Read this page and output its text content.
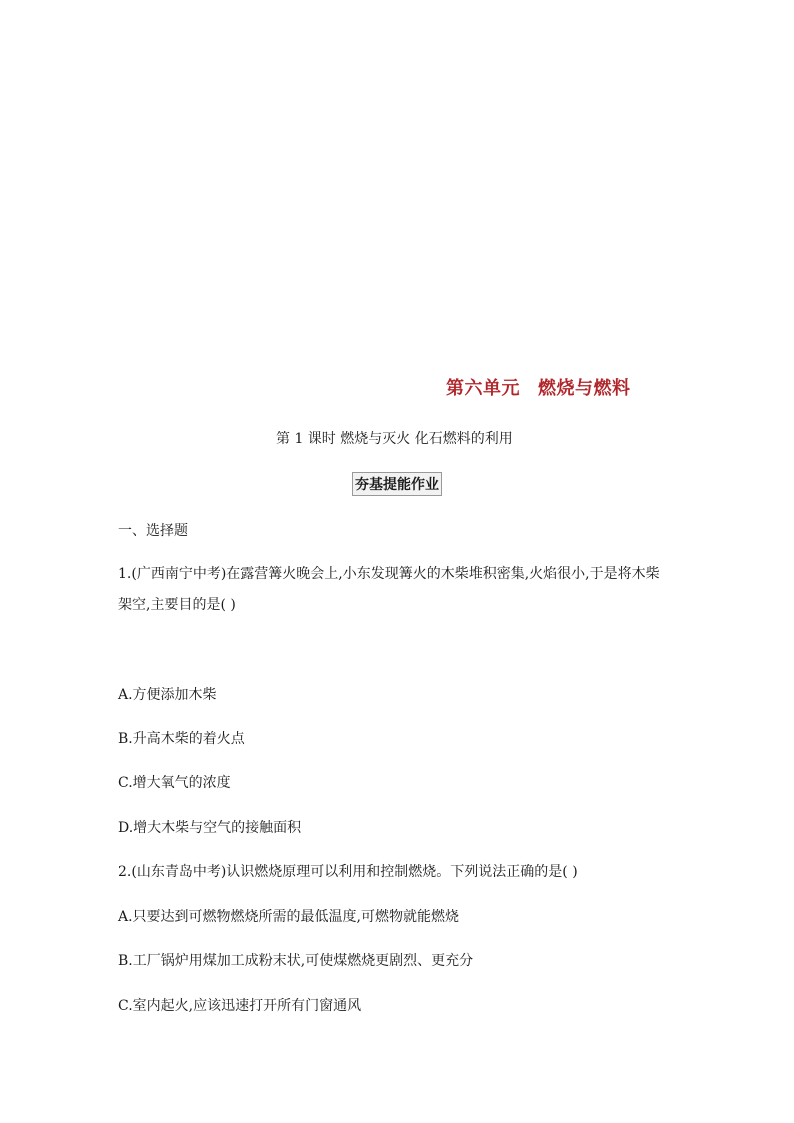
第六单元 燃烧与燃料
第 1 课时 燃烧与灭火 化石燃料的利用
夯基提能作业
一、选择题
1.(广西南宁中考)在露营篝火晚会上,小东发现篝火的木柴堆积密集,火焰很小,于是将木柴
架空,主要目的是( )
A.方便添加木柴
B.升高木柴的着火点
C.增大氧气的浓度
D.增大木柴与空气的接触面积
2.(山东青岛中考)认识燃烧原理可以利用和控制燃烧。下列说法正确的是( )
A.只要达到可燃物燃烧所需的最低温度,可燃物就能燃烧
B.工厂锅炉用煤加工成粉末状,可使煤燃烧更剧烈、更充分
C.室内起火,应该迅速打开所有门窗通风
